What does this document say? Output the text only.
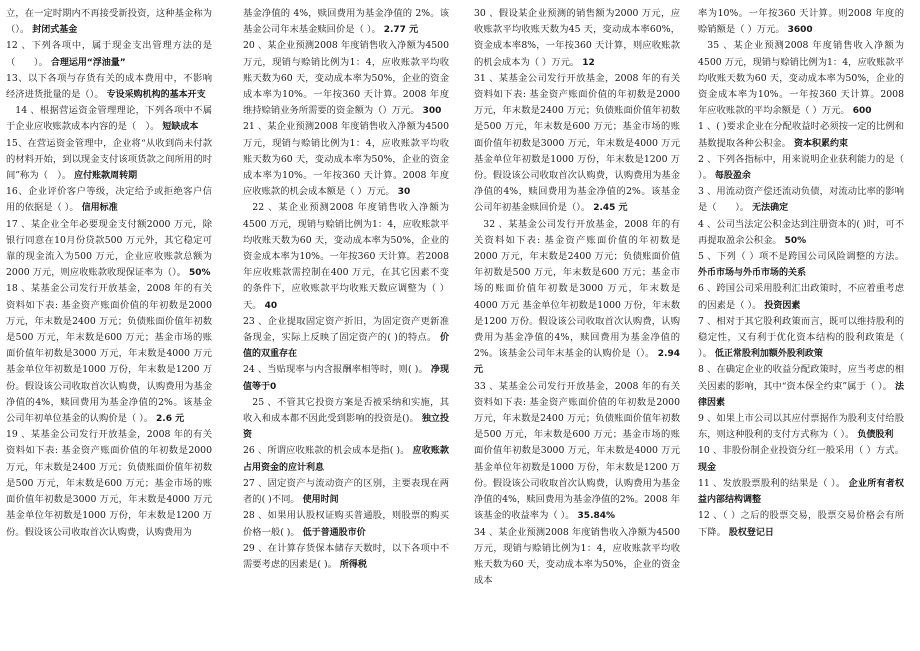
立，在一定时期内不再接受新投资，这种基金称为（）。 封闭式基金

12 、下列各项中，属于现金支出管理方法的是（　　）。 合理运用“浮油量”

13、以下各项与存货有关的成本费用中，不影响经济进货批量的是（）。 专设采购机构的基本开支

14 、根据营运资金管理理论，下列各项中不属于企业应收账款成本内容的是（　）。 短缺成本

15、在营运资金管理中，企业将“从收到尚未付款的材料开始，到以现金支付该项货款之间所用的时间”称为（　）。 应付账款周转期

16、企业评价客户等级，决定给予或拒绝客户信用的依据是（ ）。 信用标准

17 、某企业全年必要现金支付额2000 万元，除银行同意在10月份贷款500 万元外，其它稳定可靠的现金流入为500 万元，企业应收账款总额为2000 万元，则应收账款收现保证率为（）。 50%

18 、某基金公司发行开放基金，2008 年的有关资料如下表: 基金资产账面价值的年初数是2000 万元，年末数是2400 万元；负债账面价值年初数是500 万元，年末数是600 万元；基金市场的账面价值年初数是3000 万元，年末数是4000 万元 基金单位年初数是1000 万份，年末数是1200 万份。假设该公司收取首次认购费，认购费用为基金净值的4%，赎回费用为基金净值的2%。该基金公司年初单位基金的认购价是（ ）。 2.6 元

19 、某基金公司发行开放基金，2008 年的有关资料如下表: 基金资产账面价值的年初数是2000 万元，年末数是2400 万元；负债账面价值年初数是500 万元，年末数是600 万元；基金市场的账面价值年初数是3000 万元，年末数是4000 万元 基金单位年初数是1000 万份，年末数是1200 万份。假设该公司收取首次认购费，认购费用为

基金净值的 4%，赎回费用为基金净值的 2%。该基金公司年末基金赎回价是（ ）。 2.77 元

20 、某企业预测2008 年度销售收入净额为4500 万元，现销与赊销比例为1：4，应收账款平均收账天数为60 天，变动成本率为50%，企业的资金成本率为10%。一年按360 天计算。2008 年度维持赊销业务所需要的资金额为（）万元。 300

21 、某企业预测2008 年度销售收入净额为4500 万元，现销与赊销比例为1：4，应收账款平均收账天数为60 天，变动成本率为50%，企业的资金成本率为10%。一年按360 天计算。2008 年度应收账款的机会成本额是（ ）万元。 30

22 、某企业预测2008 年度销售收入净额为4500 万元，现销与赊销比例为1：4，应收账款平均收账天数为60 天，变动成本率为50%，企业的资金成本率为10%。一年按360 天计算。若2008 年应收账款需控制在400 万元，在其它因素不变的条件下，应收账款平均收账天数应调整为（ ）天。 40

23 、企业提取固定资产折旧，为固定资产更新准备现金，实际上反映了固定资产的( )的特点。 价值的双重存在

24 、当贴现率与内含报酬率相等时，则( )。 净现值等于0

25 、不管其它投资方案是否被采纳和实施，其收入和成本都不因此受到影响的投资是()。 独立投资

26 、所谓应收账款的机会成本是指( )。 应收账款占用资金的应计利息

27 、固定资产与流动资产的区别，主要表现在两者的( )不同。 使用时间

28 、如果用认股权证购买普通股，则股票的购买价格一般( )。 低于普通股市价

29 、在计算存货保本储存天数时，以下各项中不需要考虑的因素是( )。 所得税

30 、假设某企业预测的销售额为2000 万元，应收账款平均收账天数为45 天，变动成本率60%，资金成本率8%，一年按360 天计算，则应收账款的机会成本为（ ）万元。 12

31 、某基金公司发行开放基金，2008 年的有关资料如下表: 基金资产账面价值的年初数是2000 万元，年末数是2400 万元；负债账面价值年初数是500 万元，年末数是600 万元；基金市场的账面价值年初数是3000 万元，年末数是4000 万元 基金单位年初数是1000 万份，年末数是1200 万份。假设该公司收取首次认购费，认购费用为基金净值的4%，赎回费用为基金净值的2%。该基金公司年初基金赎回价是（）。 2.45 元

32 、某基金公司发行开放基金，2008 年的有关资料如下表: 基金资产账面价值的年初数是2000 万元，年末数是2400 万元；负债账面价值年初数是500 万元，年末数是600 万元；基金市场的账面价值年初数是3000 万元，年末数是4000 万元 基金单位年初数是1000 万份，年末数是1200 万份。假设该公司收取首次认购费，认购费用为基金净值的4%，赎回费用为基金净值的2%。该基金公司年末基金的认购价是（）。 2.94 元

33 、某基金公司发行开放基金，2008 年的有关资料如下表: 基金资产账面价值的年初数是2000 万元，年末数是2400 万元；负债账面价值年初数是500 万元，年末数是600 万元；基金市场的账面价值年初数是3000 万元，年末数是4000 万元 基金单位年初数是1000 万份，年末数是1200 万份。假设该公司收取首次认购费，认购费用为基金净值的4%，赎回费用为基金净值的2%。2008 年该基金的收益率为（ ）。 35.84%

34 、某企业预测2008 年度销售收入净额为4500 万元，现销与赊销比例为1：4，应收账款平均收账天数为60 天，变动成本率为50%，企业的资金成本

率为10%。一年按360 天计算。则2008 年度的赊销额是（ ）万元。 3600

35 、某企业预测2008 年度销售收入净额为4500 万元，现销与赊销比例为1：4，应收账款平均收账天数为60 天，变动成本率为50%，企业的资金成本率为10%。一年按360 天计算。2008 年应收账款的平均余额是（ ）万元。 600

1 、( )要求企业在分配收益时必须按一定的比例和基数提取各种公积金。 资本积累约束

2 、下列各指标中，用来说明企业获利能力的是（ ）。 每股盈余

3 、用流动资产偿还流动负债，对流动比率的影响是（　　）。 无法确定

4 、公司当法定公积金达到注册资本的( )时，可不再提取盈余公积金。 50%

5 、下列（ ）项不是跨国公司风险调整的方法。 外币市场与外币市场的关系

6 、跨国公司采用股利汇出政策时，不应着重考虑的因素是（ ）。 投资因素

7 、相对于其它股利政策而言，既可以维持股利的稳定性，又有利于优化资本结构的股利政策是（ ）。 低正常股利加额外股利政策

8 、在确定企业的收益分配政策时，应当考虑的相关因素的影响，其中“资本保全约束”属于（ ）。 法律因素

9 、如果上市公司以其应付票据作为股利支付给股东，则这种股利的支付方式称为（ ）。 负债股利

10 、非股份制企业投资分红一般采用（ ）方式。 现金

11 、发放股票股利的结果是（ ）。 企业所有者权益内部结构调整

12 、（ ）之后的股票交易，股票交易价格会有所下降。 股权登记日
